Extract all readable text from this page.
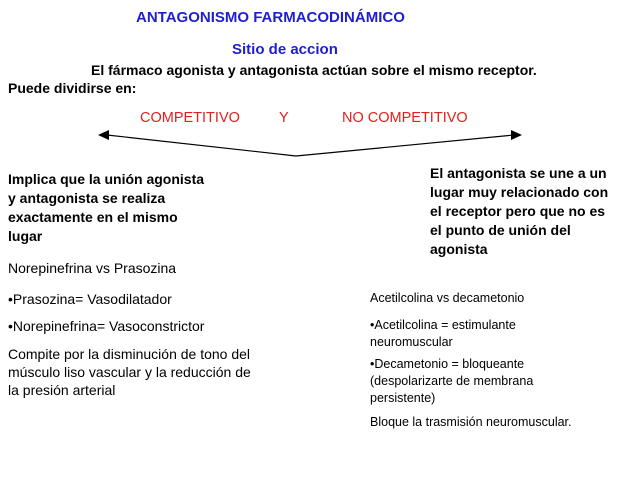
ANTAGONISMO FARMACODINÁMICO
Sitio de accion
El fármaco agonista y antagonista actúan sobre el mismo receptor.
Puede dividirse en:
COMPETITIVO	Y	NO COMPETITIVO
Implica que la unión agonista y antagonista se realiza exactamente en el mismo lugar
El antagonista se une a un lugar muy relacionado con el receptor pero que no es el punto de unión del agonista

Norepinefrina vs Prasozina

•Prasozina= Vasodilatador

•Norepinefrina= Vasoconstrictor

Compite por la disminución de tono del músculo liso vascular y la reducción de la presión arterial

Acetilcolina vs decametonio
•Acetilcolina = estimulante neuromuscular
•Decametonio = bloqueante (despolarizarte de membrana persistente)
Bloque la trasmisión neuromuscular.
